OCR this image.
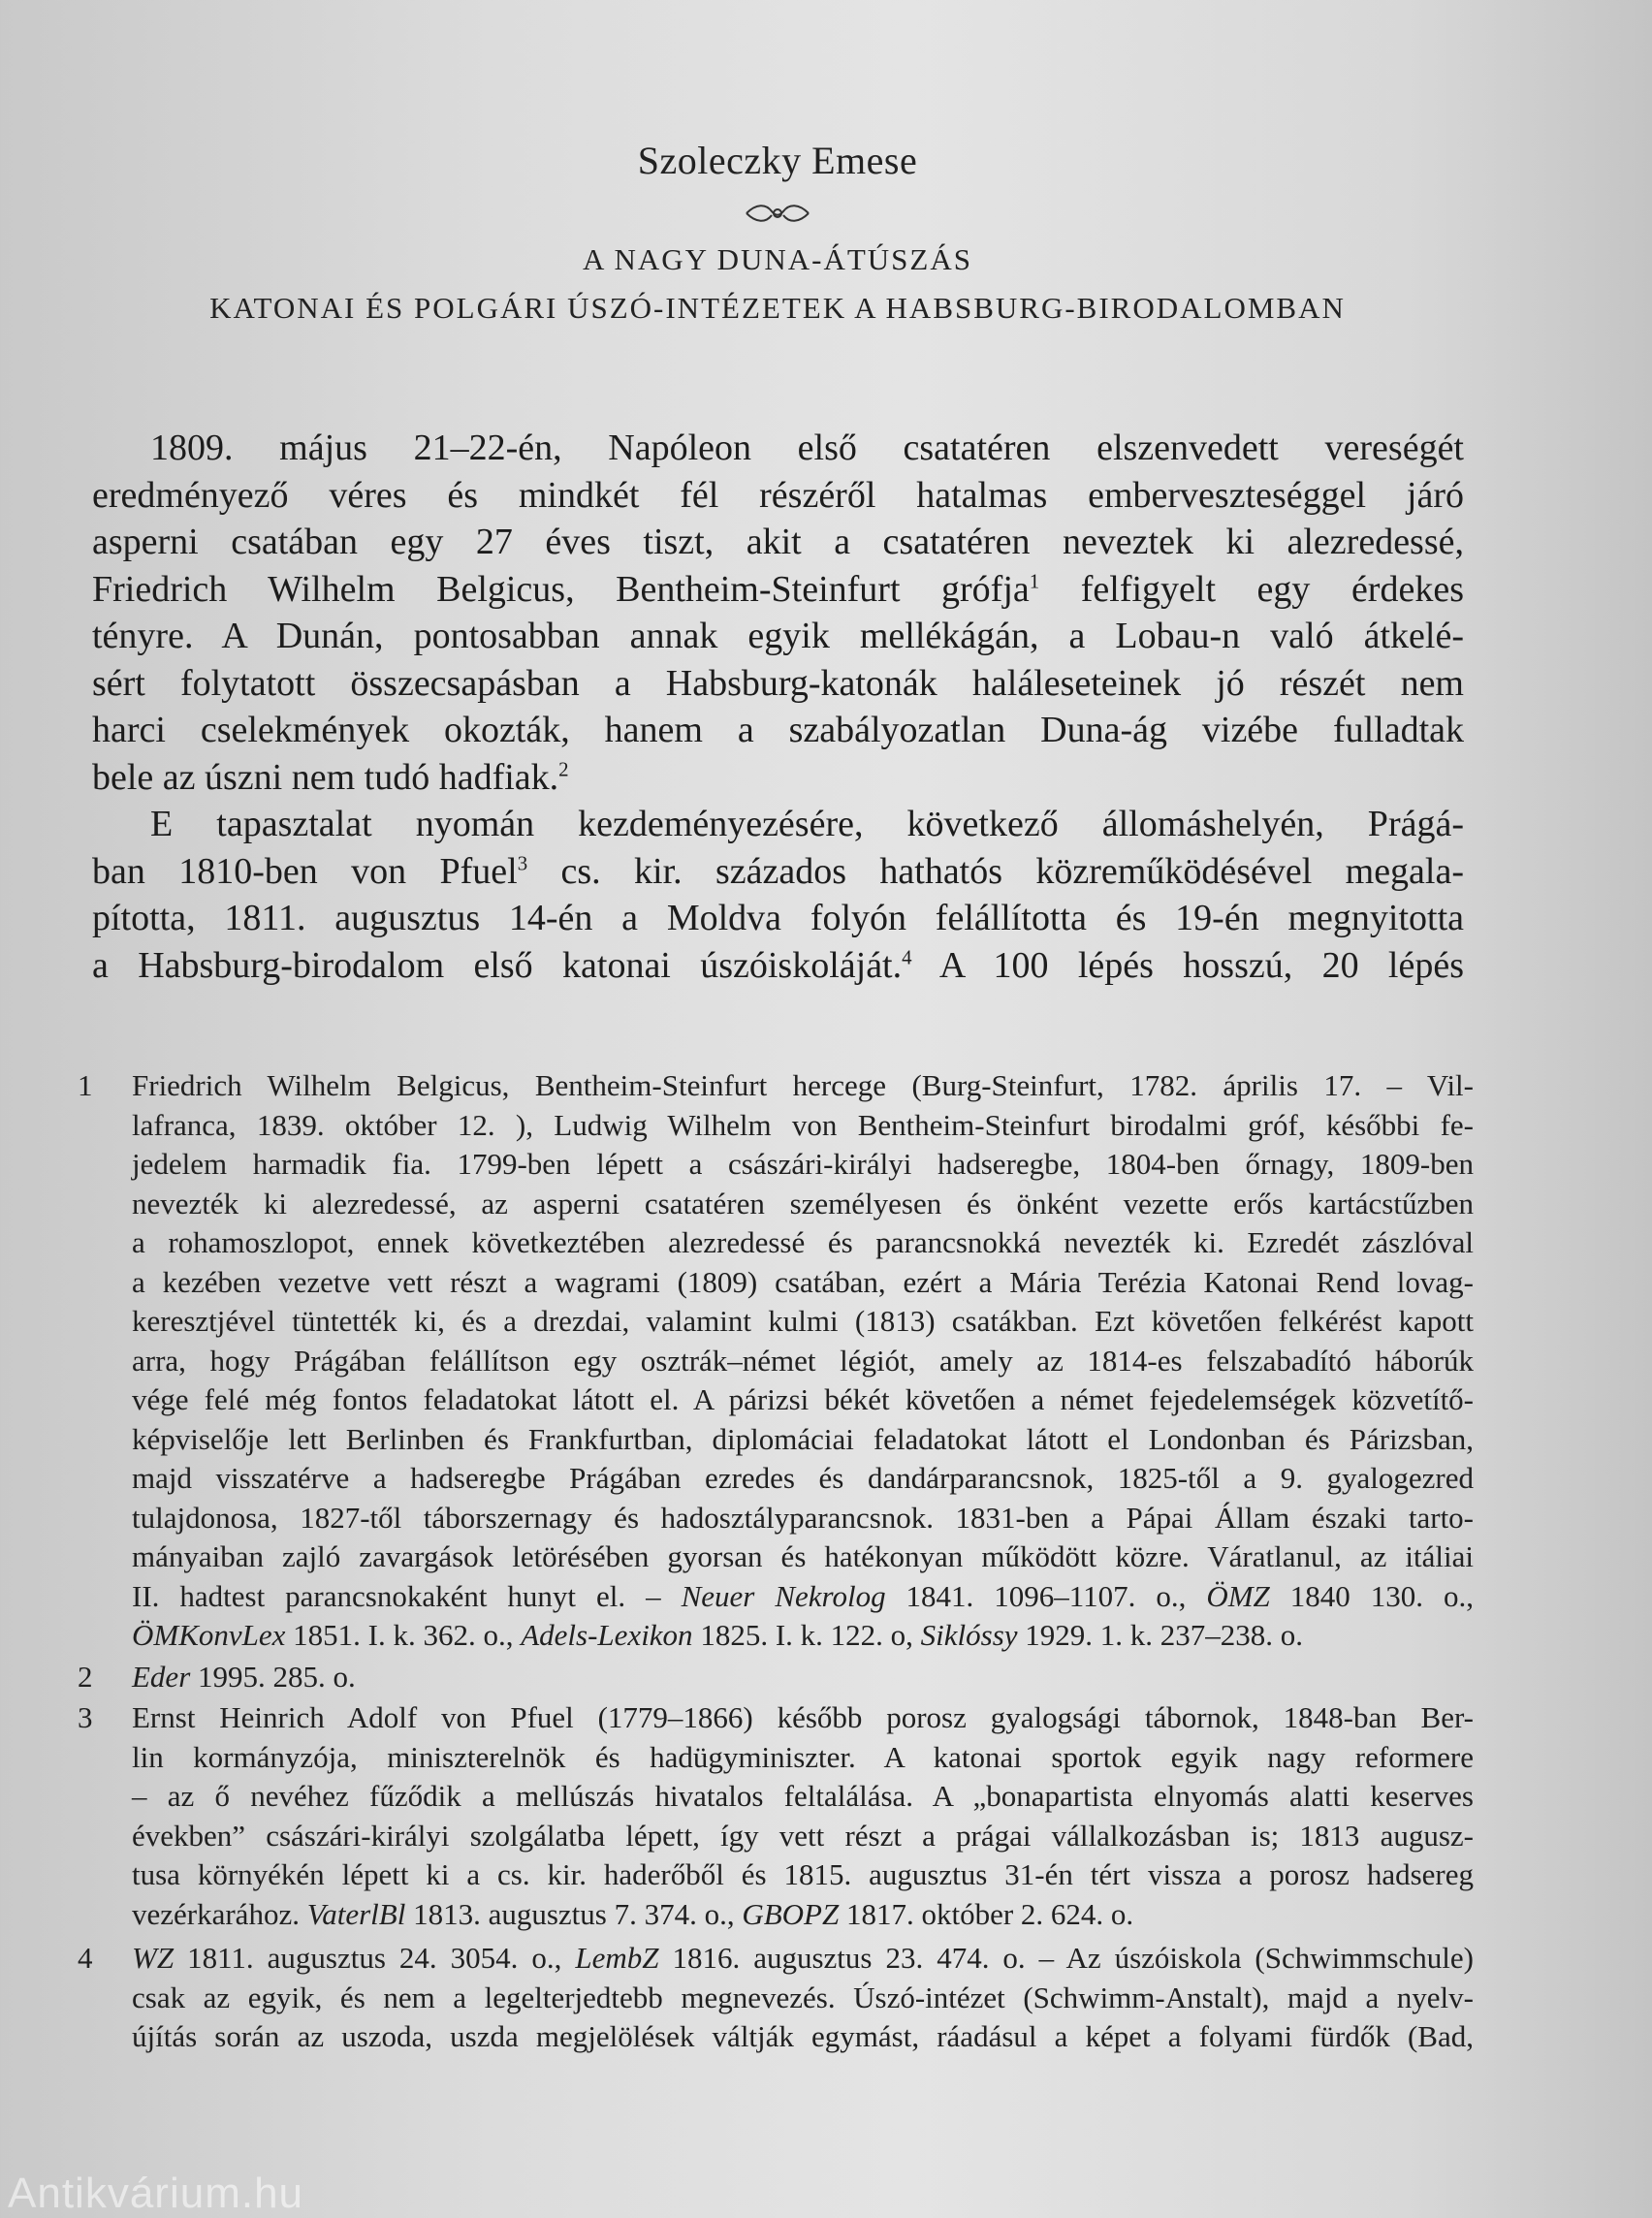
Szoleczky Emese
A NAGY DUNA-ÁTÚSZÁS
KATONAI ÉS POLGÁRI ÚSZÓ-INTÉZETEK A HABSBURG-BIRODALOMBAN
1809. május 21–22-én, Napóleon első csatatéren elszenvedett vereségét
eredményező véres és mindkét fél részéről hatalmas emberveszteséggel járó
asperni csatában egy 27 éves tiszt, akit a csatatéren neveztek ki alezredessé,
Friedrich Wilhelm Belgicus, Bentheim-Steinfurt grófja$^1$ felfigyelt egy érdekes
tényre. A Dunán, pontosabban annak egyik mellékágán, a Lobau-n való átkelé-
sért folytatott összecsapásban a Habsburg-katonák haláleseteinek jó részét nem
harci cselekmények okozták, hanem a szabályozatlan Duna-ág vizébe fulladtak
bele az úszni nem tudó hadfiak.$^2$
E tapasztalat nyomán kezdeményezésére, következő állomáshelyén, Prágá-
ban 1810-ben von Pfuel$^3$ cs. kir. százados hathatós közreműködésével megala-
pította, 1811. augusztus 14-én a Moldva folyón felállította és 19-én megnyitotta
a Habsburg-birodalom első katonai úszóiskoláját.$^4$ A 100 lépés hosszú, 20 lépés
1	Friedrich Wilhelm Belgicus, Bentheim-Steinfurt hercege (Burg-Steinfurt, 1782. április 17. – Vil-
lafranca, 1839. október 12. ), Ludwig Wilhelm von Bentheim-Steinfurt birodalmi gróf, későbbi fe-
jedelem harmadik fia. 1799-ben lépett a császári-királyi hadseregbe, 1804-ben őrnagy, 1809-ben
nevezték ki alezredessé, az asperni csatatéren személyesen és önként vezette erős kartácstűzben
a rohamoszlopot, ennek következtében alezredessé és parancsnokká nevezték ki. Ezredét zászlóval
a kezében vezetve vett részt a wagrami (1809) csatában, ezért a Mária Terézia Katonai Rend lovag-
keresztjével tüntették ki, és a drezdai, valamint kulmi (1813) csatákban. Ezt követően felkérést kapott
arra, hogy Prágában felállítson egy osztrák–német légiót, amely az 1814-es felszabadító háborúk
vége felé még fontos feladatokat látott el. A párizsi békét követően a német fejedelemségek közvetítő-
képviselője lett Berlinben és Frankfurtban, diplomáciai feladatokat látott el Londonban és Párizsban,
majd visszatérve a hadseregbe Prágában ezredes és dandárparancsnok, 1825-től a 9. gyalogezred
tulajdonosa, 1827-től táborszernagy és hadosztályparancsnok. 1831-ben a Pápai Állam északi tarto-
mányaiban zajló zavargások letörésében gyorsan és hatékonyan működött közre. Váratlanul, az itáliai
II. hadtest parancsnokaként hunyt el. – Neuer Nekrolog 1841. 1096–1107. o., ÖMZ 1840 130. o.,
ÖMKonvLex 1851. I. k. 362. o., Adels-Lexikon 1825. I. k. 122. o, Siklóssy 1929. 1. k. 237–238. o.
2	Eder 1995. 285. o.
3	Ernst Heinrich Adolf von Pfuel (1779–1866) később porosz gyalogsági tábornok, 1848-ban Ber-
lin kormányzója, miniszterelnök és hadügyminiszter. A katonai sportok egyik nagy reformere
– az ő nevéhez fűződik a mellúszás hivatalos feltalálása. A „bonapartista elnyomás alatti keserves
években” császári-királyi szolgálatba lépett, így vett részt a prágai vállalkozásban is; 1813 augusz-
tusa környékén lépett ki a cs. kir. haderőből és 1815. augusztus 31-én tért vissza a porosz hadsereg
vezérkarához. VaterlBl 1813. augusztus 7. 374. o., GBOPZ 1817. október 2. 624. o.
4	WZ 1811. augusztus 24. 3054. o., LembZ 1816. augusztus 23. 474. o. – Az úszóiskola (Schwimmschule)
csak az egyik, és nem a legelterjedtebb megnevezés. Úszó-intézet (Schwimm-Anstalt), majd a nyelv-
újítás során az uszoda, uszda megjelölések váltják egymást, ráadásul a képet a folyami fürdők (Bad,
Antikvárium.hu
